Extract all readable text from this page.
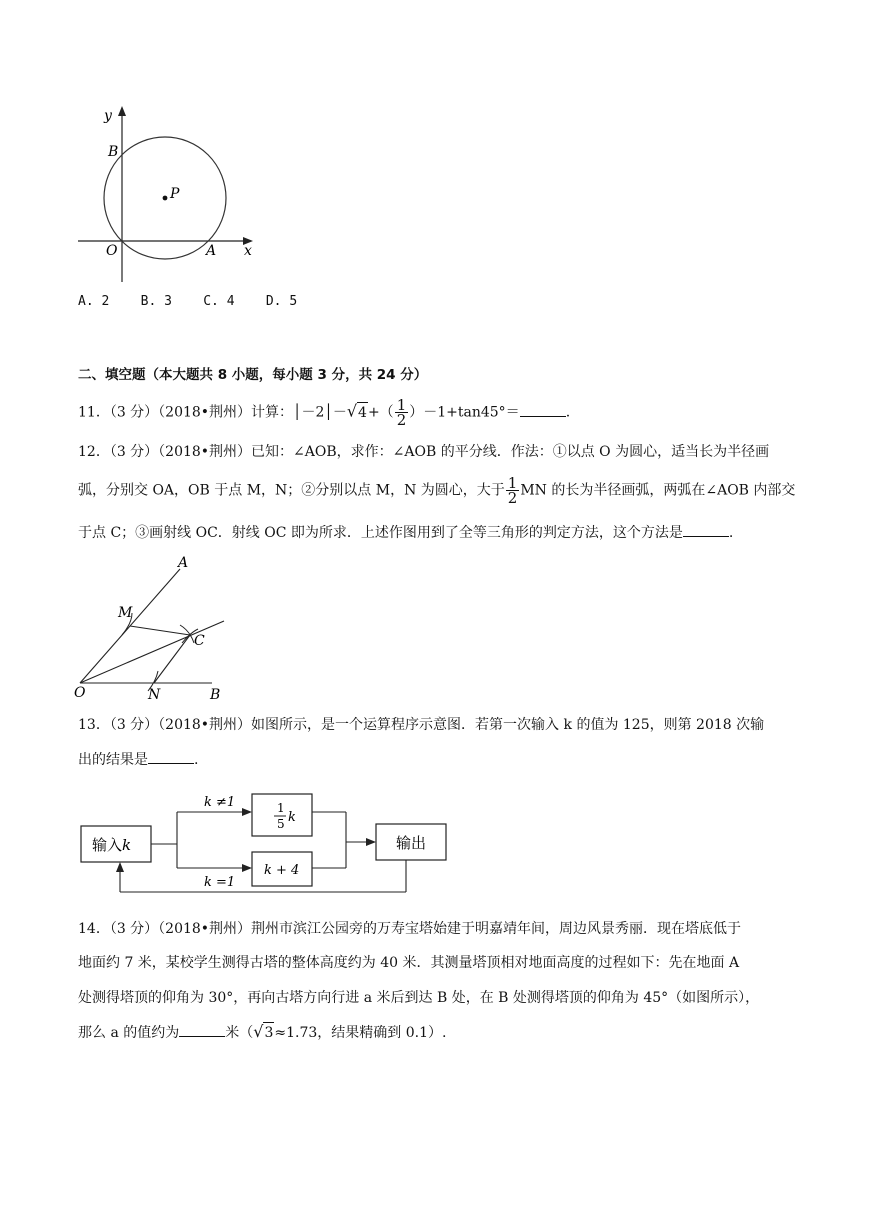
y
x
B
P
O	A
A. 2    B. 3    C. 4    D. 5
二、填空题（本大题共 8 小题，每小题 3 分，共 24 分）
11．（3 分）（2018•荆州）计算：│－2│－√4+（ $\frac{1}{2} )-1+\tan 45^\circ=$	.
12．（3 分）（2018•荆州）已知：∠AOB，求作：∠AOB 的平分线．作法：①以点 O 为圆心，适当长为半径画
弧，分别交 OA，OB 于点 M，N；②分别以点 M，N 为圆心，大于 $\frac{1}{2}$ MN 的长为半径画弧，两弧在∠AOB 内部交
于点 C；③画射线 OC．射线 OC 即为所求．上述作图用到了全等三角形的判定方法，这个方法是	.
A
M
C
O	N	B
13．（3 分）（2018•荆州）如图所示，是一个运算程序示意图．若第一次输入 k 的值为 125，则第 2018 次输
出的结果是	.
输入k
k ≠1
k =1
1
5 k
k + 4
输出
14．（3 分）（2018•荆州）荆州市滨江公园旁的万寿宝塔始建于明嘉靖年间，周边风景秀丽．现在塔底低于
地面约 7 米，某校学生测得古塔的整体高度约为 40 米．其测量塔顶相对地面高度的过程如下：先在地面 A
处测得塔顶的仰角为 30°，再向古塔方向行进 a 米后到达 B 处，在 B 处测得塔顶的仰角为 45°（如图所示），
那么 a 的值约为	米（√3≈1.73，结果精确到 0.1）.
